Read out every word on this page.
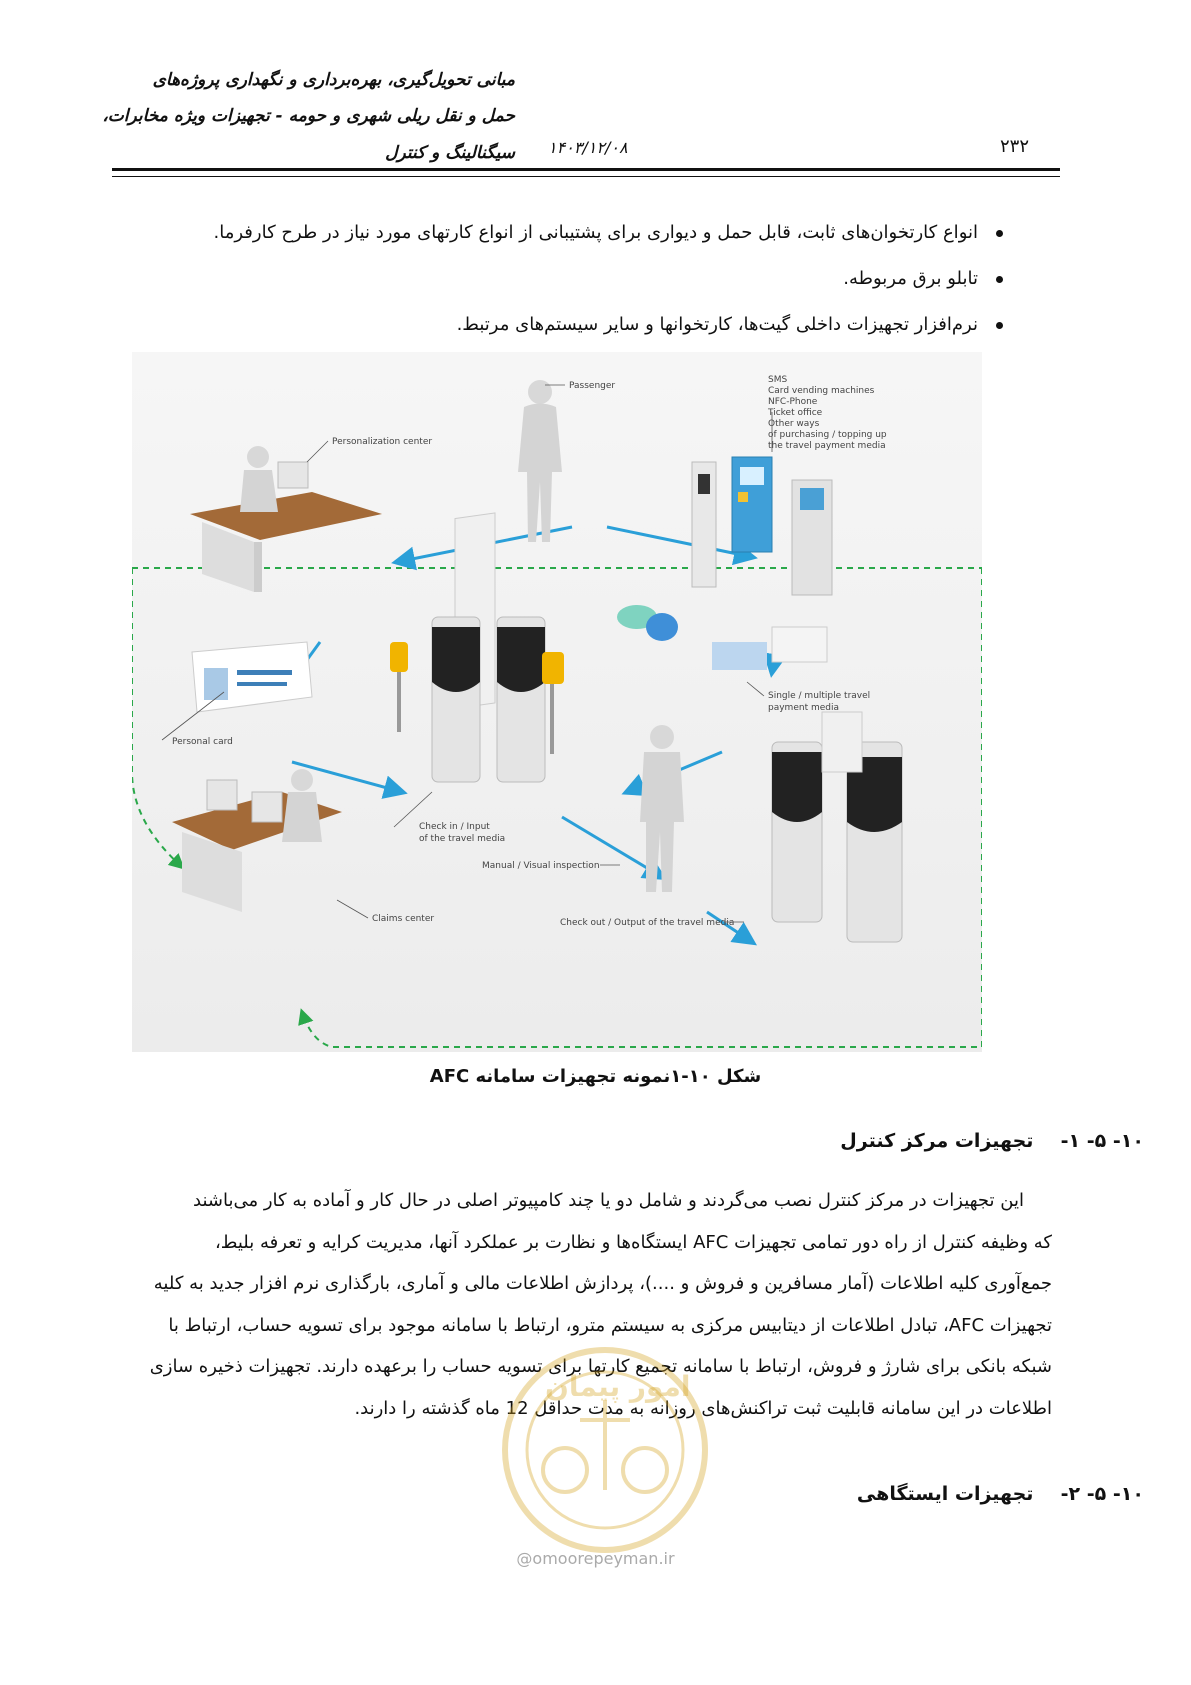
مبانی تحویل‌گیری، بهره‌برداری و نگهداری پروژه‌های
حمل و نقل ریلی شهری و حومه - تجهیزات ویژه مخابرات،
سیگنالینگ و کنترل ۱۴۰۳/۱۲/۰۸	۲۳۲
انواع کارتخوان‌های ثابت، قابل حمل و دیواری برای پشتیبانی از انواع کارتهای مورد نیاز در طرح کارفرما.
تابلو برق مربوطه.
نرم‌افزار تجهیزات داخلی گیت‌ها، کارتخوانها و سایر سیستم‌های مرتبط.
Passenger
Personalization center
SMS
Card vending machines
NFC-Phone
Ticket office
Other ways
of purchasing / topping up
the travel payment media
Personal card
Single / multiple travel
payment media
Check in / Input
of the travel media
Manual / Visual inspection
Claims center	Check out / Output of the travel media
شکل ۱۰-۱نمونه تجهیزات سامانه AFC
۱۰- ۵- ۱-  تجهیزات مرکز کنترل
این تجهیزات در مرکز کنترل نصب می‌گردند و شامل دو یا چند کامپیوتر اصلی در حال کار و آماده به کار می‌باشند
که وظیفه کنترل از راه دور تمامی تجهیزات AFC ایستگاه‌ها و نظارت بر عملکرد آنها، مدیریت کرایه و تعرفه بلیط،
جمع‌آوری کلیه اطلاعات (آمار مسافرین و فروش و ....)، پردازش اطلاعات مالی و آماری، بارگذاری نرم افزار جدید به کلیه
تجهیزات AFC، تبادل اطلاعات از دیتابیس مرکزی به سیستم مترو، ارتباط با سامانه موجود برای تسویه حساب، ارتباط با
شبکه بانکی برای شارژ و فروش، ارتباط با سامانه تجمیع کارتها برای تسویه حساب را برعهده دارند. تجهیزات ذخیره سازی
اطلاعات در این سامانه قابلیت ثبت تراکنش‌های روزانه به مدت حداقل 12 ماه گذشته را دارند.
امور پیمان
۱۰- ۵- ۲-  تجهیزات ایستگاهی
@omoorepeyman.ir
